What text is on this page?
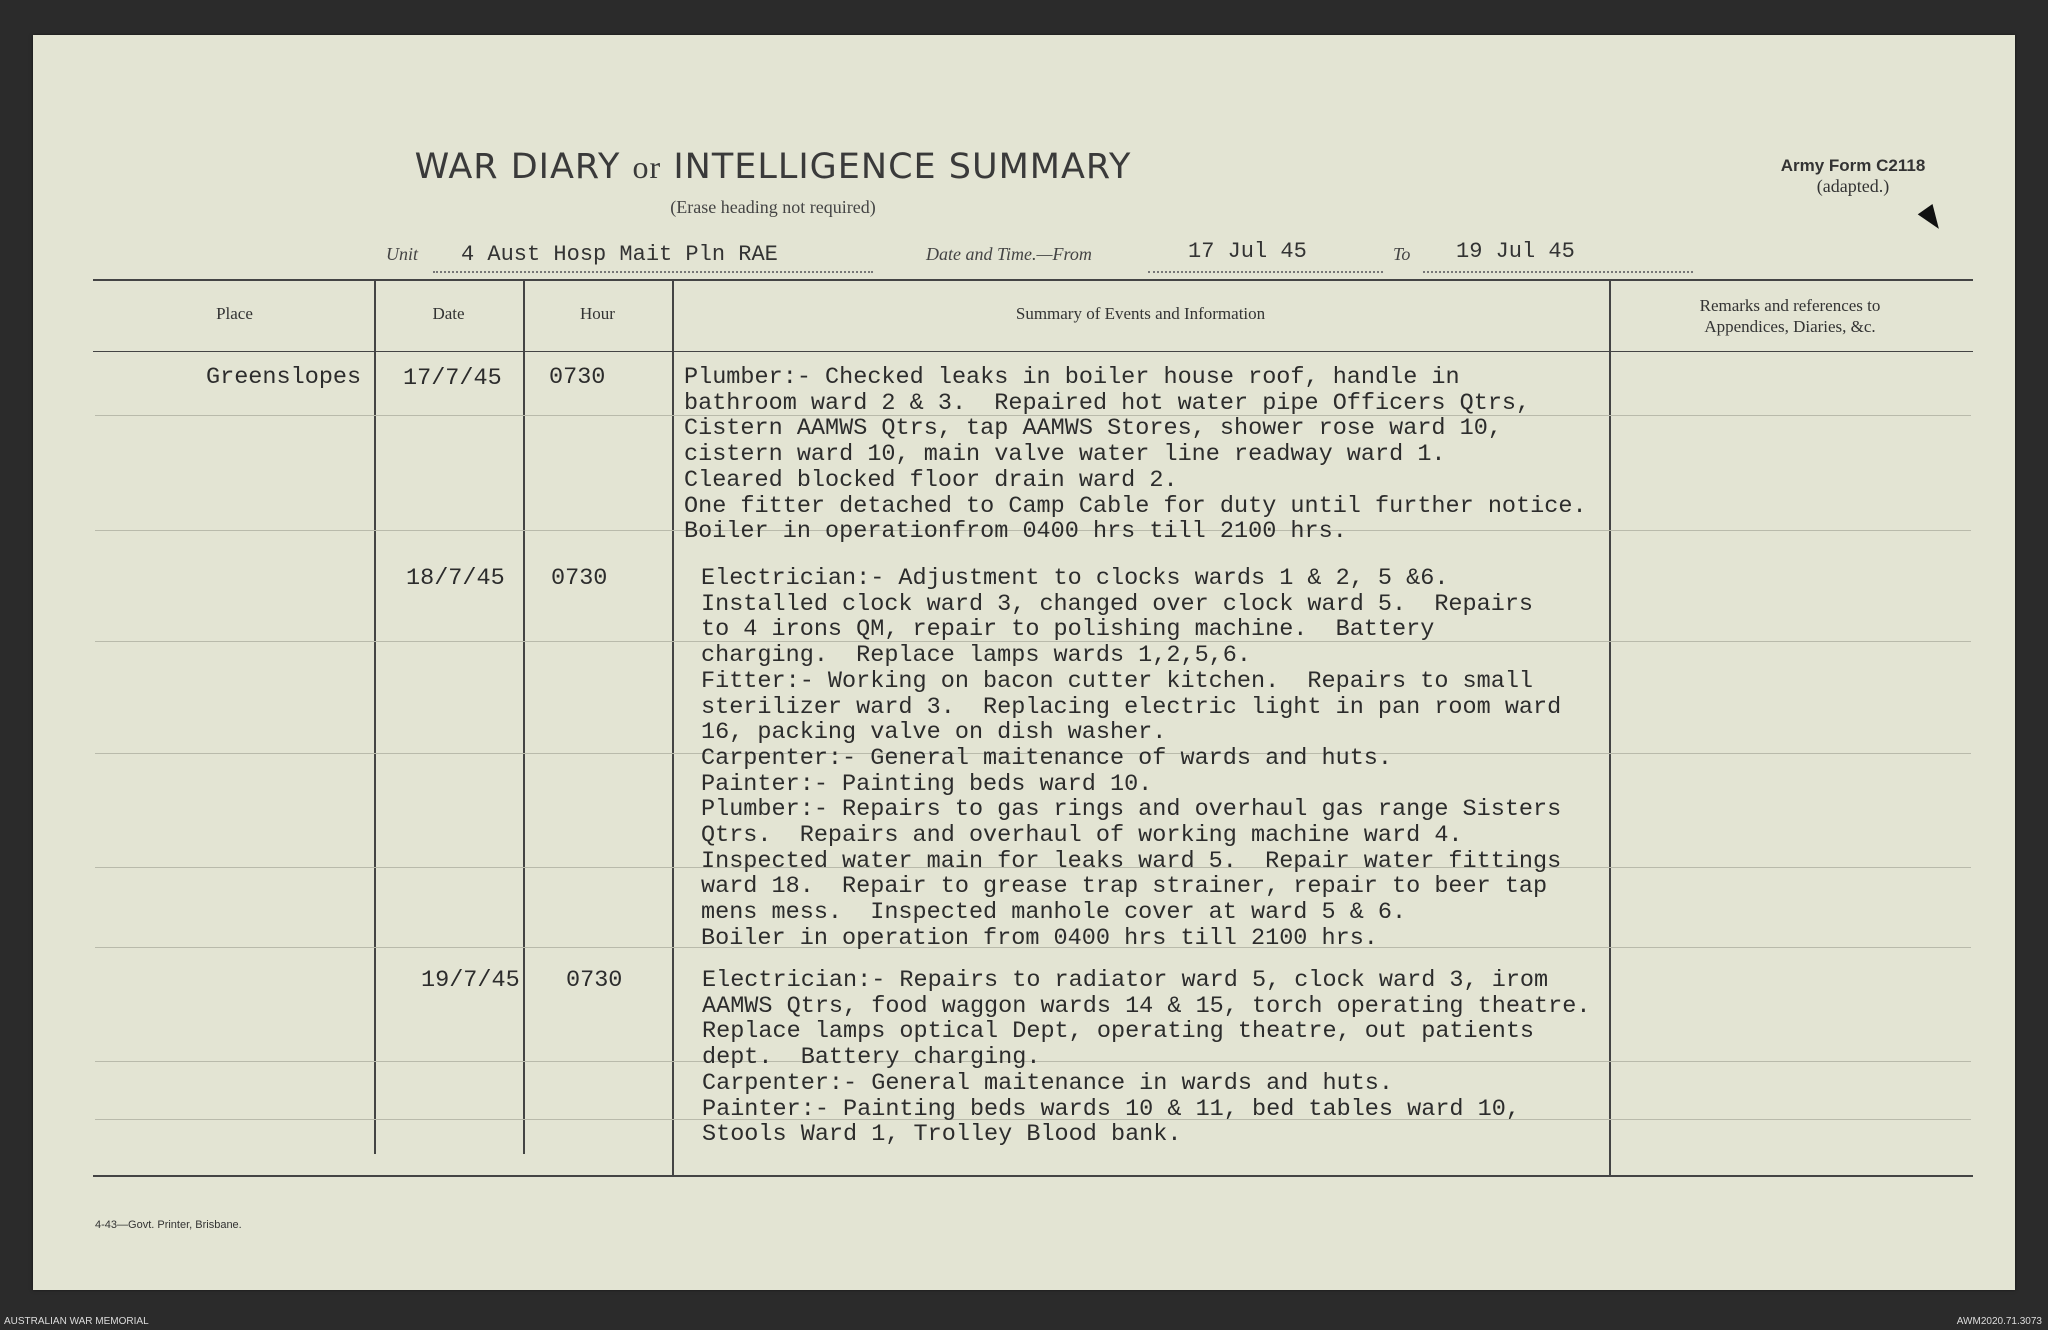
WAR DIARY or INTELLIGENCE SUMMARY
(Erase heading not required)
Army Form C2118
(adapted.)
Unit 4 Aust Hosp Mait Pln RAE	Date and Time.—From	17 Jul 45	To 19 Jul 45
Place	Date	Hour	Summary of Events and Information	Remarks and references to
Appendices, Diaries, &c.
Greenslopes 17/7/45 0730	Plumber:- Checked leaks in boiler house roof, handle in
bathroom ward 2 & 3.  Repaired hot water pipe Officers Qtrs,
Cistern AAMWS Qtrs, tap AAMWS Stores, shower rose ward 10,
cistern ward 10, main valve water line readway ward 1.
Cleared blocked floor drain ward 2.
One fitter detached to Camp Cable for duty until further notice.
Boiler in operationfrom 0400 hrs till 2100 hrs.
18/7/45 0730	Electrician:- Adjustment to clocks wards 1 & 2, 5 &6.
Installed clock ward 3, changed over clock ward 5.  Repairs
to 4 irons QM, repair to polishing machine.  Battery
charging.  Replace lamps wards 1,2,5,6.
Fitter:- Working on bacon cutter kitchen.  Repairs to small
sterilizer ward 3.  Replacing electric light in pan room ward
16, packing valve on dish washer.
Carpenter:- General maitenance of wards and huts.
Painter:- Painting beds ward 10.
Plumber:- Repairs to gas rings and overhaul gas range Sisters
Qtrs.  Repairs and overhaul of working machine ward 4.
Inspected water main for leaks ward 5.  Repair water fittings
ward 18.  Repair to grease trap strainer, repair to beer tap
mens mess.  Inspected manhole cover at ward 5 & 6.
Boiler in operation from 0400 hrs till 2100 hrs.
19/7/45 0730	Electrician:- Repairs to radiator ward 5, clock ward 3, irom
AAMWS Qtrs, food waggon wards 14 & 15, torch operating theatre.
Replace lamps optical Dept, operating theatre, out patients
dept.  Battery charging.
Carpenter:- General maitenance in wards and huts.
Painter:- Painting beds wards 10 & 11, bed tables ward 10,
Stools Ward 1, Trolley Blood bank.
4-43—Govt. Printer, Brisbane.
AUSTRALIAN WAR MEMORIAL	AWM2020.71.3073
